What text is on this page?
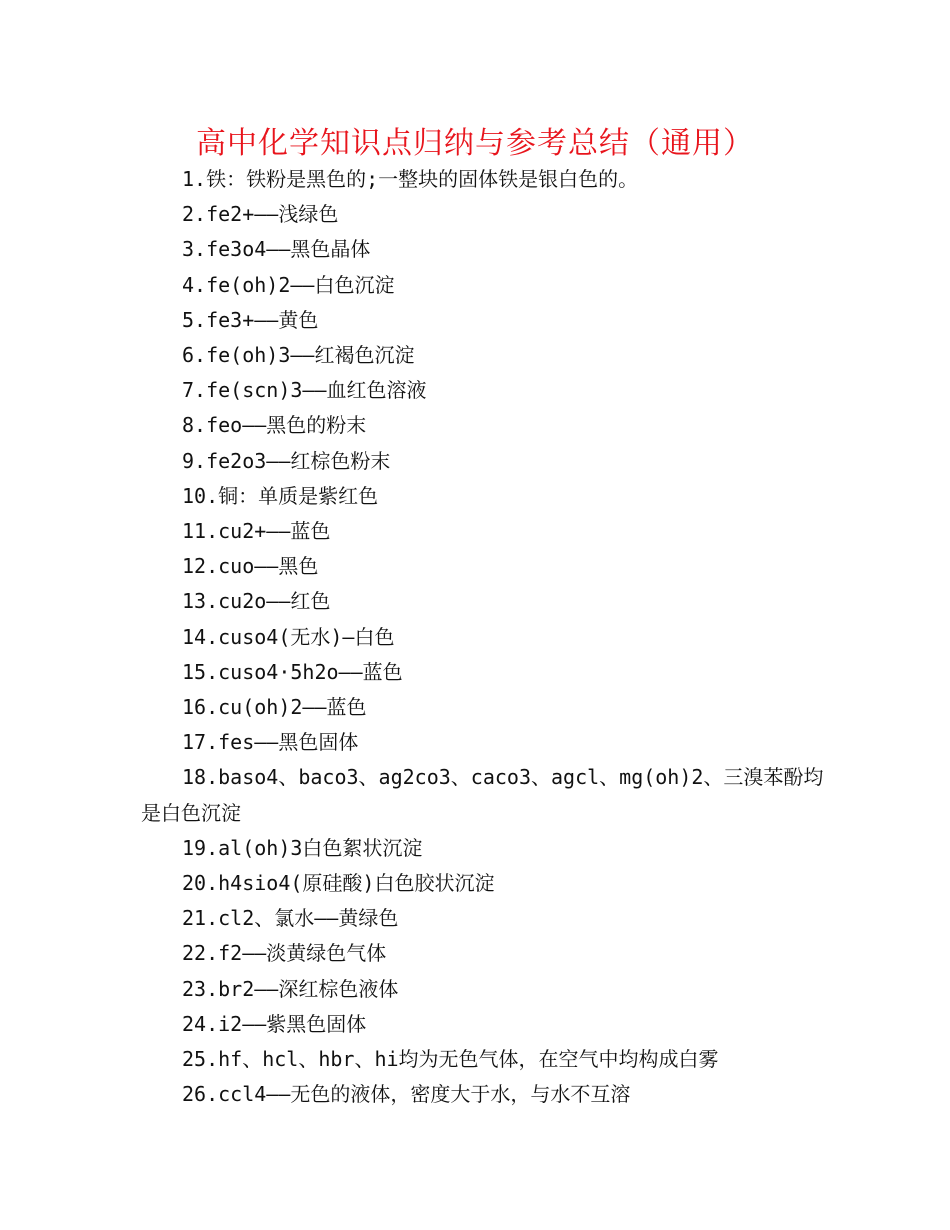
高中化学知识点归纳与参考总结（通用）
1.铁：铁粉是黑色的;一整块的固体铁是银白色的。
2.fe2+——浅绿色
3.fe3o4——黑色晶体
4.fe(oh)2——白色沉淀
5.fe3+——黄色
6.fe(oh)3——红褐色沉淀
7.fe(scn)3——血红色溶液
8.feo——黑色的粉末
9.fe2o3——红棕色粉末
10.铜：单质是紫红色
11.cu2+——蓝色
12.cuo——黑色
13.cu2o——红色
14.cuso4(无水)—白色
15.cuso4·5h2o——蓝色
16.cu(oh)2——蓝色
17.fes——黑色固体
18.baso4、baco3、ag2co3、caco3、agcl、mg(oh)2、三溴苯酚均是白色沉淀
19.al(oh)3白色絮状沉淀
20.h4sio4(原硅酸)白色胶状沉淀
21.cl2、氯水——黄绿色
22.f2——淡黄绿色气体
23.br2——深红棕色液体
24.i2——紫黑色固体
25.hf、hcl、hbr、hi均为无色气体，在空气中均构成白雾
26.ccl4——无色的液体，密度大于水，与水不互溶
